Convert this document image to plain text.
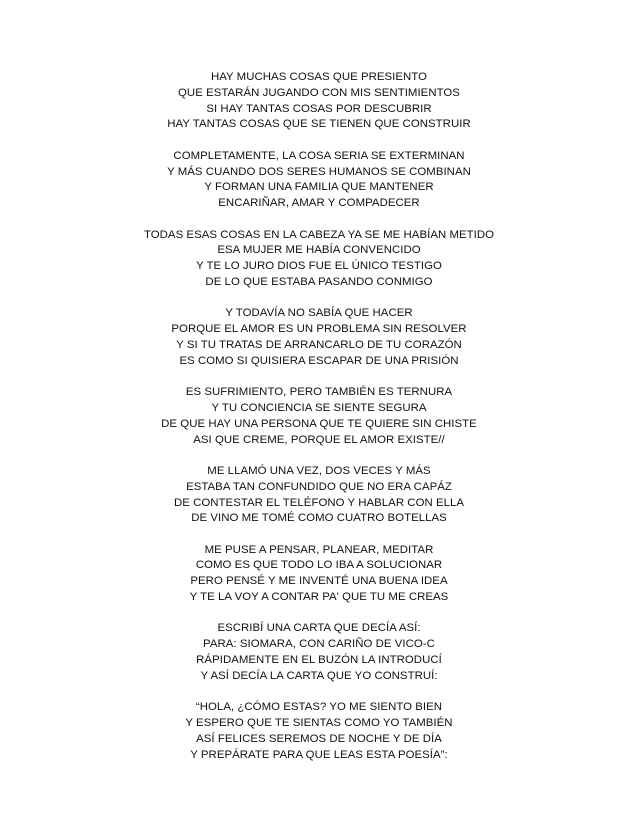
HAY MUCHAS COSAS QUE PRESIENTO
QUE ESTARÁN JUGANDO CON MIS SENTIMIENTOS
SI HAY TANTAS COSAS POR DESCUBRIR
HAY TANTAS COSAS QUE SE TIENEN QUE CONSTRUIR
COMPLETAMENTE, LA COSA SERIA SE EXTERMINAN
Y MÁS CUANDO DOS SERES HUMANOS SE COMBINAN
Y FORMAN UNA FAMILIA QUE MANTENER
ENCARIÑAR, AMAR Y COMPADECER
TODAS ESAS COSAS EN LA CABEZA YA SE ME HABÍAN METIDO
ESA MUJER ME HABÍA CONVENCIDO
Y TE LO JURO DIOS FUE EL ÚNICO TESTIGO
DE LO QUE ESTABA PASANDO CONMIGO
Y TODAVÍA NO SABÍA QUE HACER
PORQUE EL AMOR ES UN PROBLEMA SIN RESOLVER
Y SI TU TRATAS DE ARRANCARLO DE TU CORAZÓN
ES COMO SI QUISIERA ESCAPAR DE UNA PRISIÓN
ES SUFRIMIENTO, PERO TAMBIÉN ES TERNURA
Y TU CONCIENCIA SE SIENTE SEGURA
DE QUE HAY UNA PERSONA QUE TE QUIERE SIN CHISTE
ASI QUE CREME, PORQUE EL AMOR EXISTE//
ME LLAMÓ UNA VEZ, DOS VECES Y MÁS
ESTABA TAN CONFUNDIDO QUE NO ERA CAPÁZ
DE CONTESTAR EL TELÉFONO Y HABLAR CON ELLA
DE VINO ME TOMÉ COMO CUATRO BOTELLAS
ME PUSE A PENSAR, PLANEAR, MEDITAR
COMO ES QUE TODO LO IBA A SOLUCIONAR
PERO PENSÉ Y ME INVENTÉ UNA BUENA IDEA
Y TE LA VOY A CONTAR PA' QUE TU ME CREAS
ESCRIBÍ UNA CARTA QUE DECÍA ASÍ:
PARA: SIOMARA, CON CARIÑO DE VICO-C
RÁPIDAMENTE EN EL BUZÓN LA INTRODUCÍ
Y ASÍ DECÍA LA CARTA QUE YO CONSTRUÍ:
“HOLA, ¿CÓMO ESTAS? YO ME SIENTO BIEN
Y ESPERO QUE TE SIENTAS COMO YO TAMBIÉN
ASÍ FELICES SEREMOS DE NOCHE Y DE DÍA
Y PREPÁRATE PARA QUE LEAS ESTA POESÍA”:
